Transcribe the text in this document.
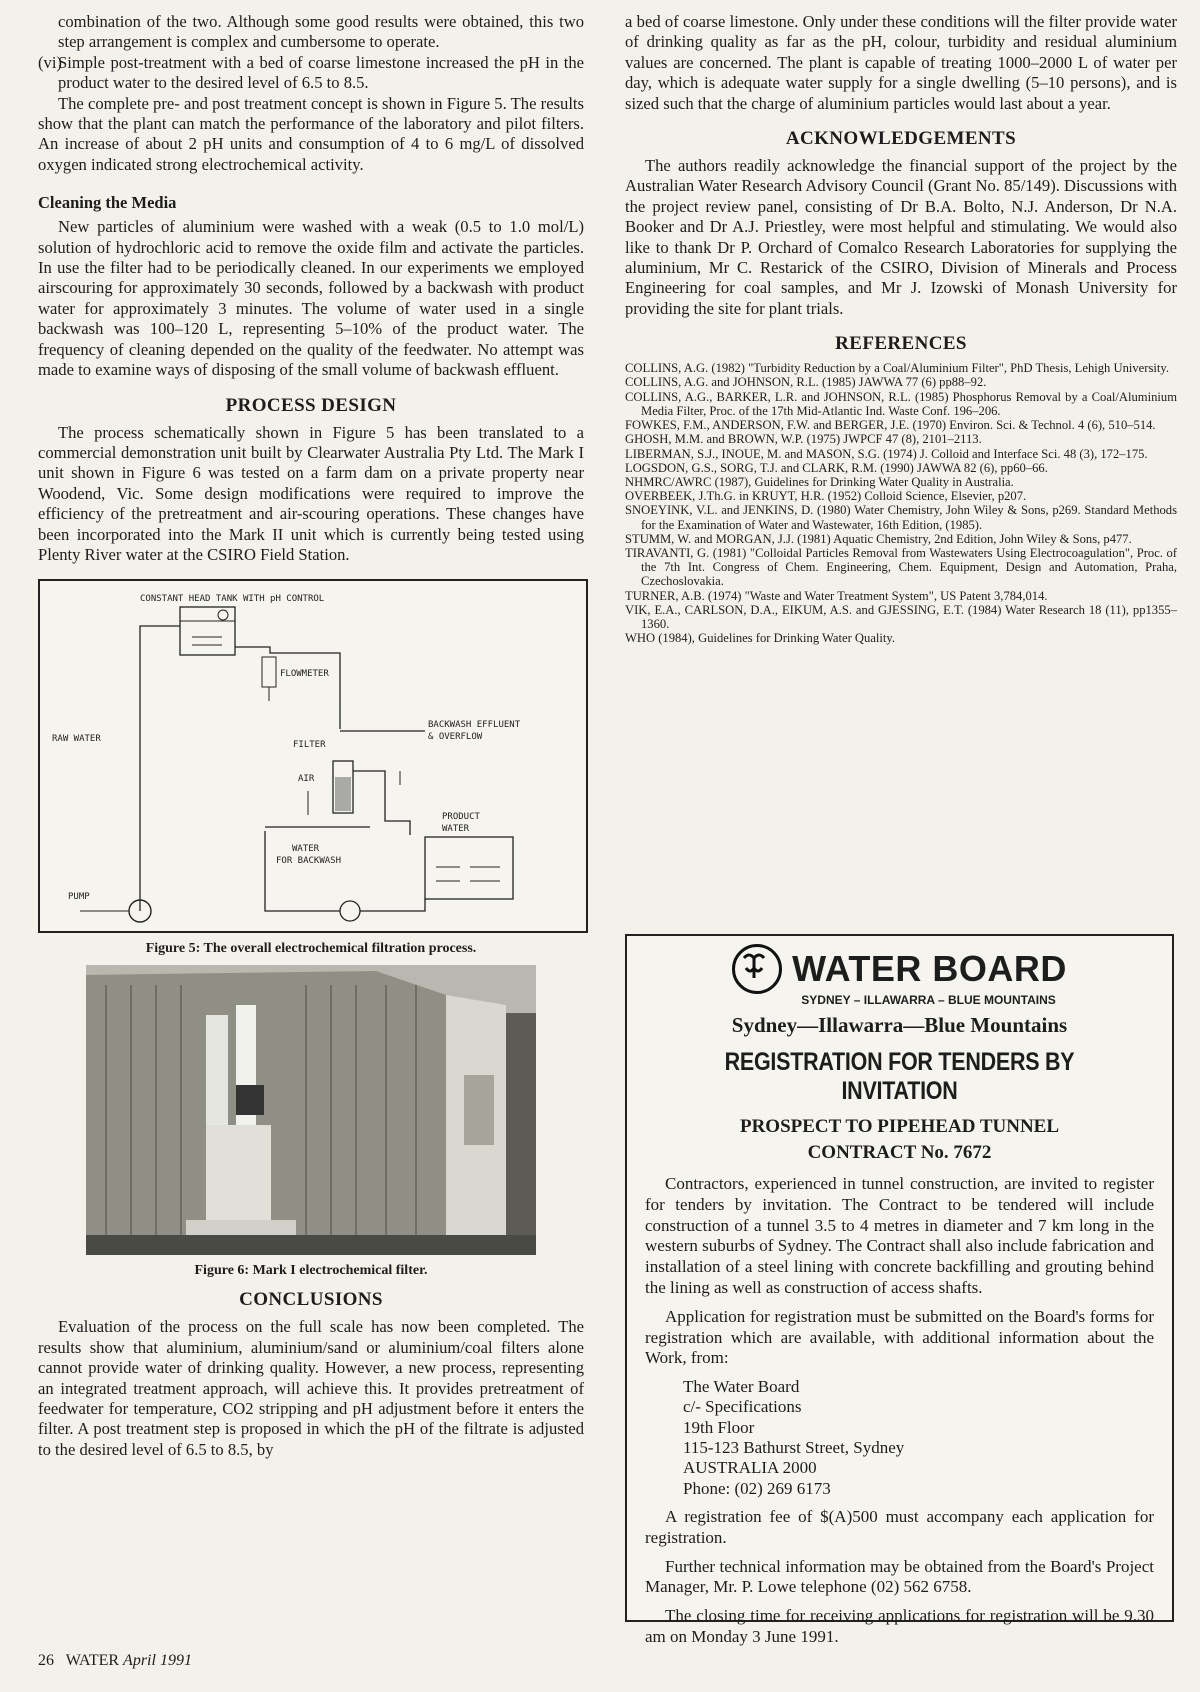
combination of the two. Although some good results were obtained, this two step arrangement is complex and cumbersome to operate.

(vi)
Simple post-treatment with a bed of coarse limestone increased the pH in the product water to the desired level of 6.5 to 8.5.

The complete pre- and post treatment concept is shown in Figure 5. The results show that the plant can match the performance of the laboratory and pilot filters. An increase of about 2 pH units and consumption of 4 to 6 mg/L of dissolved oxygen indicated strong electrochemical activity.

Cleaning the Media

New particles of aluminium were washed with a weak (0.5 to 1.0 mol/L) solution of hydrochloric acid to remove the oxide film and activate the particles. In use the filter had to be periodically cleaned. In our experiments we employed airscouring for approximately 30 seconds, followed by a backwash with product water for approximately 3 minutes. The volume of water used in a single backwash was 100–120 L, representing 5–10% of the product water. The frequency of cleaning depended on the quality of the feedwater. No attempt was made to examine ways of disposing of the small volume of backwash effluent.

PROCESS DESIGN

The process schematically shown in Figure 5 has been translated to a commercial demonstration unit built by Clearwater Australia Pty Ltd. The Mark I unit shown in Figure 6 was tested on a farm dam on a private property near Woodend, Vic. Some design modifications were required to improve the efficiency of the pretreatment and air-scouring operations. These changes have been incorporated into the Mark II unit which is currently being tested using Plenty River water at the CSIRO Field Station.

CONSTANT HEAD TANK WITH pH CONTROL
RAW WATER
PUMP
FLOWMETER
BACKWASH EFFLUENT
& OVERFLOW
FILTER
AIR
PRODUCT
WATER
WATER
FOR BACKWASH
Figure 5: The overall electrochemical filtration process.
Figure 6: Mark I electrochemical filter.
CONCLUSIONS

Evaluation of the process on the full scale has now been completed. The results show that aluminium, aluminium/sand or aluminium/coal filters alone cannot provide water of drinking quality. However, a new process, representing an integrated treatment approach, will achieve this. It provides pretreatment of feedwater for temperature, CO2 stripping and pH adjustment before it enters the filter. A post treatment step is proposed in which the pH of the filtrate is adjusted to the desired level of 6.5 to 8.5, by

a bed of coarse limestone. Only under these conditions will the filter provide water of drinking quality as far as the pH, colour, turbidity and residual aluminium values are concerned. The plant is capable of treating 1000–2000 L of water per day, which is adequate water supply for a single dwelling (5–10 persons), and is sized such that the charge of aluminium particles would last about a year.

ACKNOWLEDGEMENTS

The authors readily acknowledge the financial support of the project by the Australian Water Research Advisory Council (Grant No. 85/149). Discussions with the project review panel, consisting of Dr B.A. Bolto, N.J. Anderson, Dr N.A. Booker and Dr A.J. Priestley, were most helpful and stimulating. We would also like to thank Dr P. Orchard of Comalco Research Laboratories for supplying the aluminium, Mr C. Restarick of the CSIRO, Division of Minerals and Process Engineering for coal samples, and Mr J. Izowski of Monash University for providing the site for plant trials.

REFERENCES
COLLINS, A.G. (1982) "Turbidity Reduction by a Coal/Aluminium Filter", PhD Thesis, Lehigh University.
COLLINS, A.G. and JOHNSON, R.L. (1985) JAWWA 77 (6) pp88–92.
COLLINS, A.G., BARKER, L.R. and JOHNSON, R.L. (1985) Phosphorus Removal by a Coal/Aluminium Media Filter, Proc. of the 17th Mid-Atlantic Ind. Waste Conf. 196–206.
FOWKES, F.M., ANDERSON, F.W. and BERGER, J.E. (1970) Environ. Sci. & Technol. 4 (6), 510–514.
GHOSH, M.M. and BROWN, W.P. (1975) JWPCF 47 (8), 2101–2113.
LIBERMAN, S.J., INOUE, M. and MASON, S.G. (1974) J. Colloid and Interface Sci. 48 (3), 172–175.
LOGSDON, G.S., SORG, T.J. and CLARK, R.M. (1990) JAWWA 82 (6), pp60–66.
NHMRC/AWRC (1987), Guidelines for Drinking Water Quality in Australia.
OVERBEEK, J.Th.G. in KRUYT, H.R. (1952) Colloid Science, Elsevier, p207.
SNOEYINK, V.L. and JENKINS, D. (1980) Water Chemistry, John Wiley & Sons, p269. Standard Methods for the Examination of Water and Wastewater, 16th Edition, (1985).
STUMM, W. and MORGAN, J.J. (1981) Aquatic Chemistry, 2nd Edition, John Wiley & Sons, p477.
TIRAVANTI, G. (1981) "Colloidal Particles Removal from Wastewaters Using Electrocoagulation", Proc. of the 7th Int. Congress of Chem. Engineering, Chem. Equipment, Design and Automation, Praha, Czechoslovakia.
TURNER, A.B. (1974) "Waste and Water Treatment System", US Patent 3,784,014.
VIK, E.A., CARLSON, D.A., EIKUM, A.S. and GJESSING, E.T. (1984) Water Research 18 (11), pp1355–1360.
WHO (1984), Guidelines for Drinking Water Quality.
WATER BOARD
SYDNEY – ILLAWARRA – BLUE MOUNTAINS
Sydney—Illawarra—Blue Mountains
REGISTRATION FOR TENDERS BY INVITATION
PROSPECT TO PIPEHEAD TUNNEL
CONTRACT No. 7672

Contractors, experienced in tunnel construction, are invited to register for tenders by invitation. The Contract to be tendered will include construction of a tunnel 3.5 to 4 metres in diameter and 7 km long in the western suburbs of Sydney. The Contract shall also include fabrication and installation of a steel lining with concrete backfilling and grouting behind the lining as well as construction of access shafts.

Application for registration must be submitted on the Board's forms for registration which are available, with additional information about the Work, from:

The Water Board
c/- Specifications
19th Floor
115-123 Bathurst Street, Sydney
AUSTRALIA 2000
Phone: (02) 269 6173

A registration fee of $(A)500 must accompany each application for registration.

Further technical information may be obtained from the Board's Project Manager, Mr. P. Lowe telephone (02) 562 6758.

The closing time for receiving applications for registration will be 9.30 am on Monday 3 June 1991.

26 WATER April 1991
